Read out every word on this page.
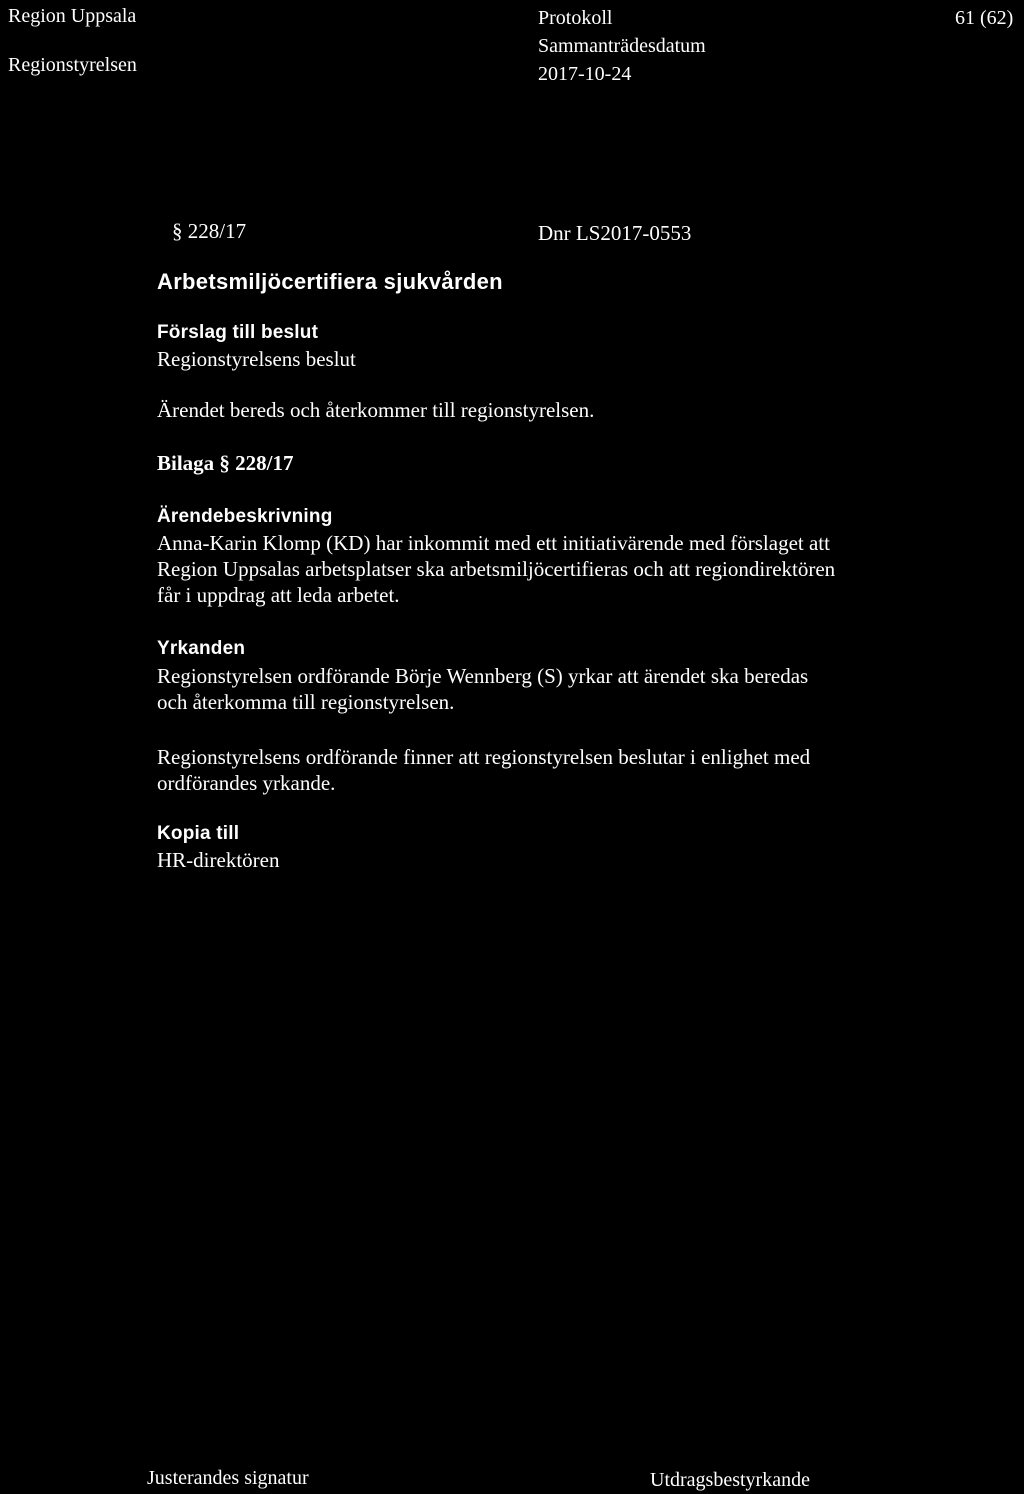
Region Uppsala
Regionstyrelsen
Protokoll
Sammanträdesdatum
2017-10-24
61 (62)
§ 228/17	Dnr LS2017-0553
Arbetsmiljöcertifiera sjukvården
Förslag till beslut
Regionstyrelsens beslut
Ärendet bereds och återkommer till regionstyrelsen.
Bilaga § 228/17
Ärendebeskrivning
Anna-Karin Klomp (KD) har inkommit med ett initiativärende med förslaget att
Region Uppsalas arbetsplatser ska arbetsmiljöcertifieras och att regiondirektören
får i uppdrag att leda arbetet.
Yrkanden
Regionstyrelsen ordförande Börje Wennberg (S) yrkar att ärendet ska beredas
och återkomma till regionstyrelsen.
Regionstyrelsens ordförande finner att regionstyrelsen beslutar i enlighet med
ordförandes yrkande.
Kopia till
HR-direktören
Justerandes signatur	Utdragsbestyrkande
